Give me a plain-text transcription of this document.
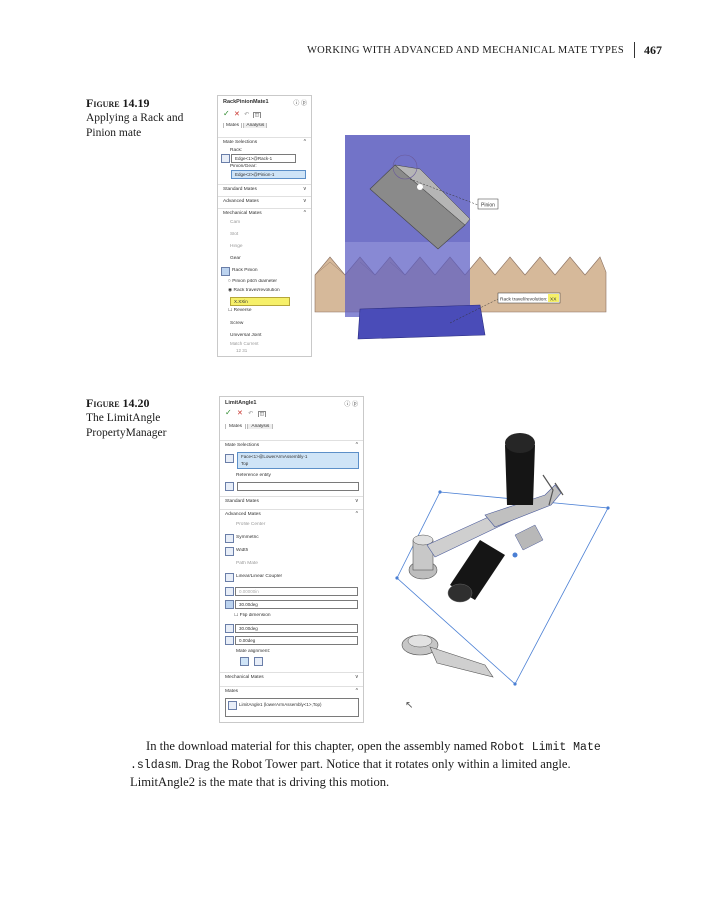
WORKING WITH ADVANCED AND MECHANICAL MATE TYPES 467
Figure 14.19
Applying a Rack and Pinion mate
RackPinionMate1	ⓘ ⓟ
✓ ✕ ↶ ◫
Mates Analysis
Mate Selections	^
Rack:
Edge<1>@Rack-1
Pinion/Gear:
Edge<2>@Pinion-1
Standard Mates	v
Advanced Mates	v
Mechanical Mates	^
Cam
Slot
Hinge
Gear
Rack Pinion
○ Pinion pitch diameter
◉ Rack travel/revolution
X.XXin
☐ Reverse
Screw
Universal Joint
Match Current
12 31
Pinion
Rack travel/revolution: XX
Figure 14.20
The LimitAngle PropertyManager
LimitAngle1	ⓘ ⓟ
✓ ✕ ↶ ◫
Mates Analysis
Mate Selections	^
Face<1>@LowerArmAssembly-1
Top
Reference entity
Standard Mates	v
Advanced Mates	^
Profile Center
Symmetric
Width
Path Mate
Linear/Linear Coupler
0.00000in
30.00deg
☐ Flip dimension
30.00deg
0.00deg
Mate alignment:
Mechanical Mates	v
Mates	^
LimitAngle1 (lowerArmAssembly<1>,Top)	↖
In the download material for this chapter, open the assembly named Robot Limit Mate
.sldasm. Drag the Robot Tower part. Notice that it rotates only within a limited angle.
LimitAngle2 is the mate that is driving this motion.
